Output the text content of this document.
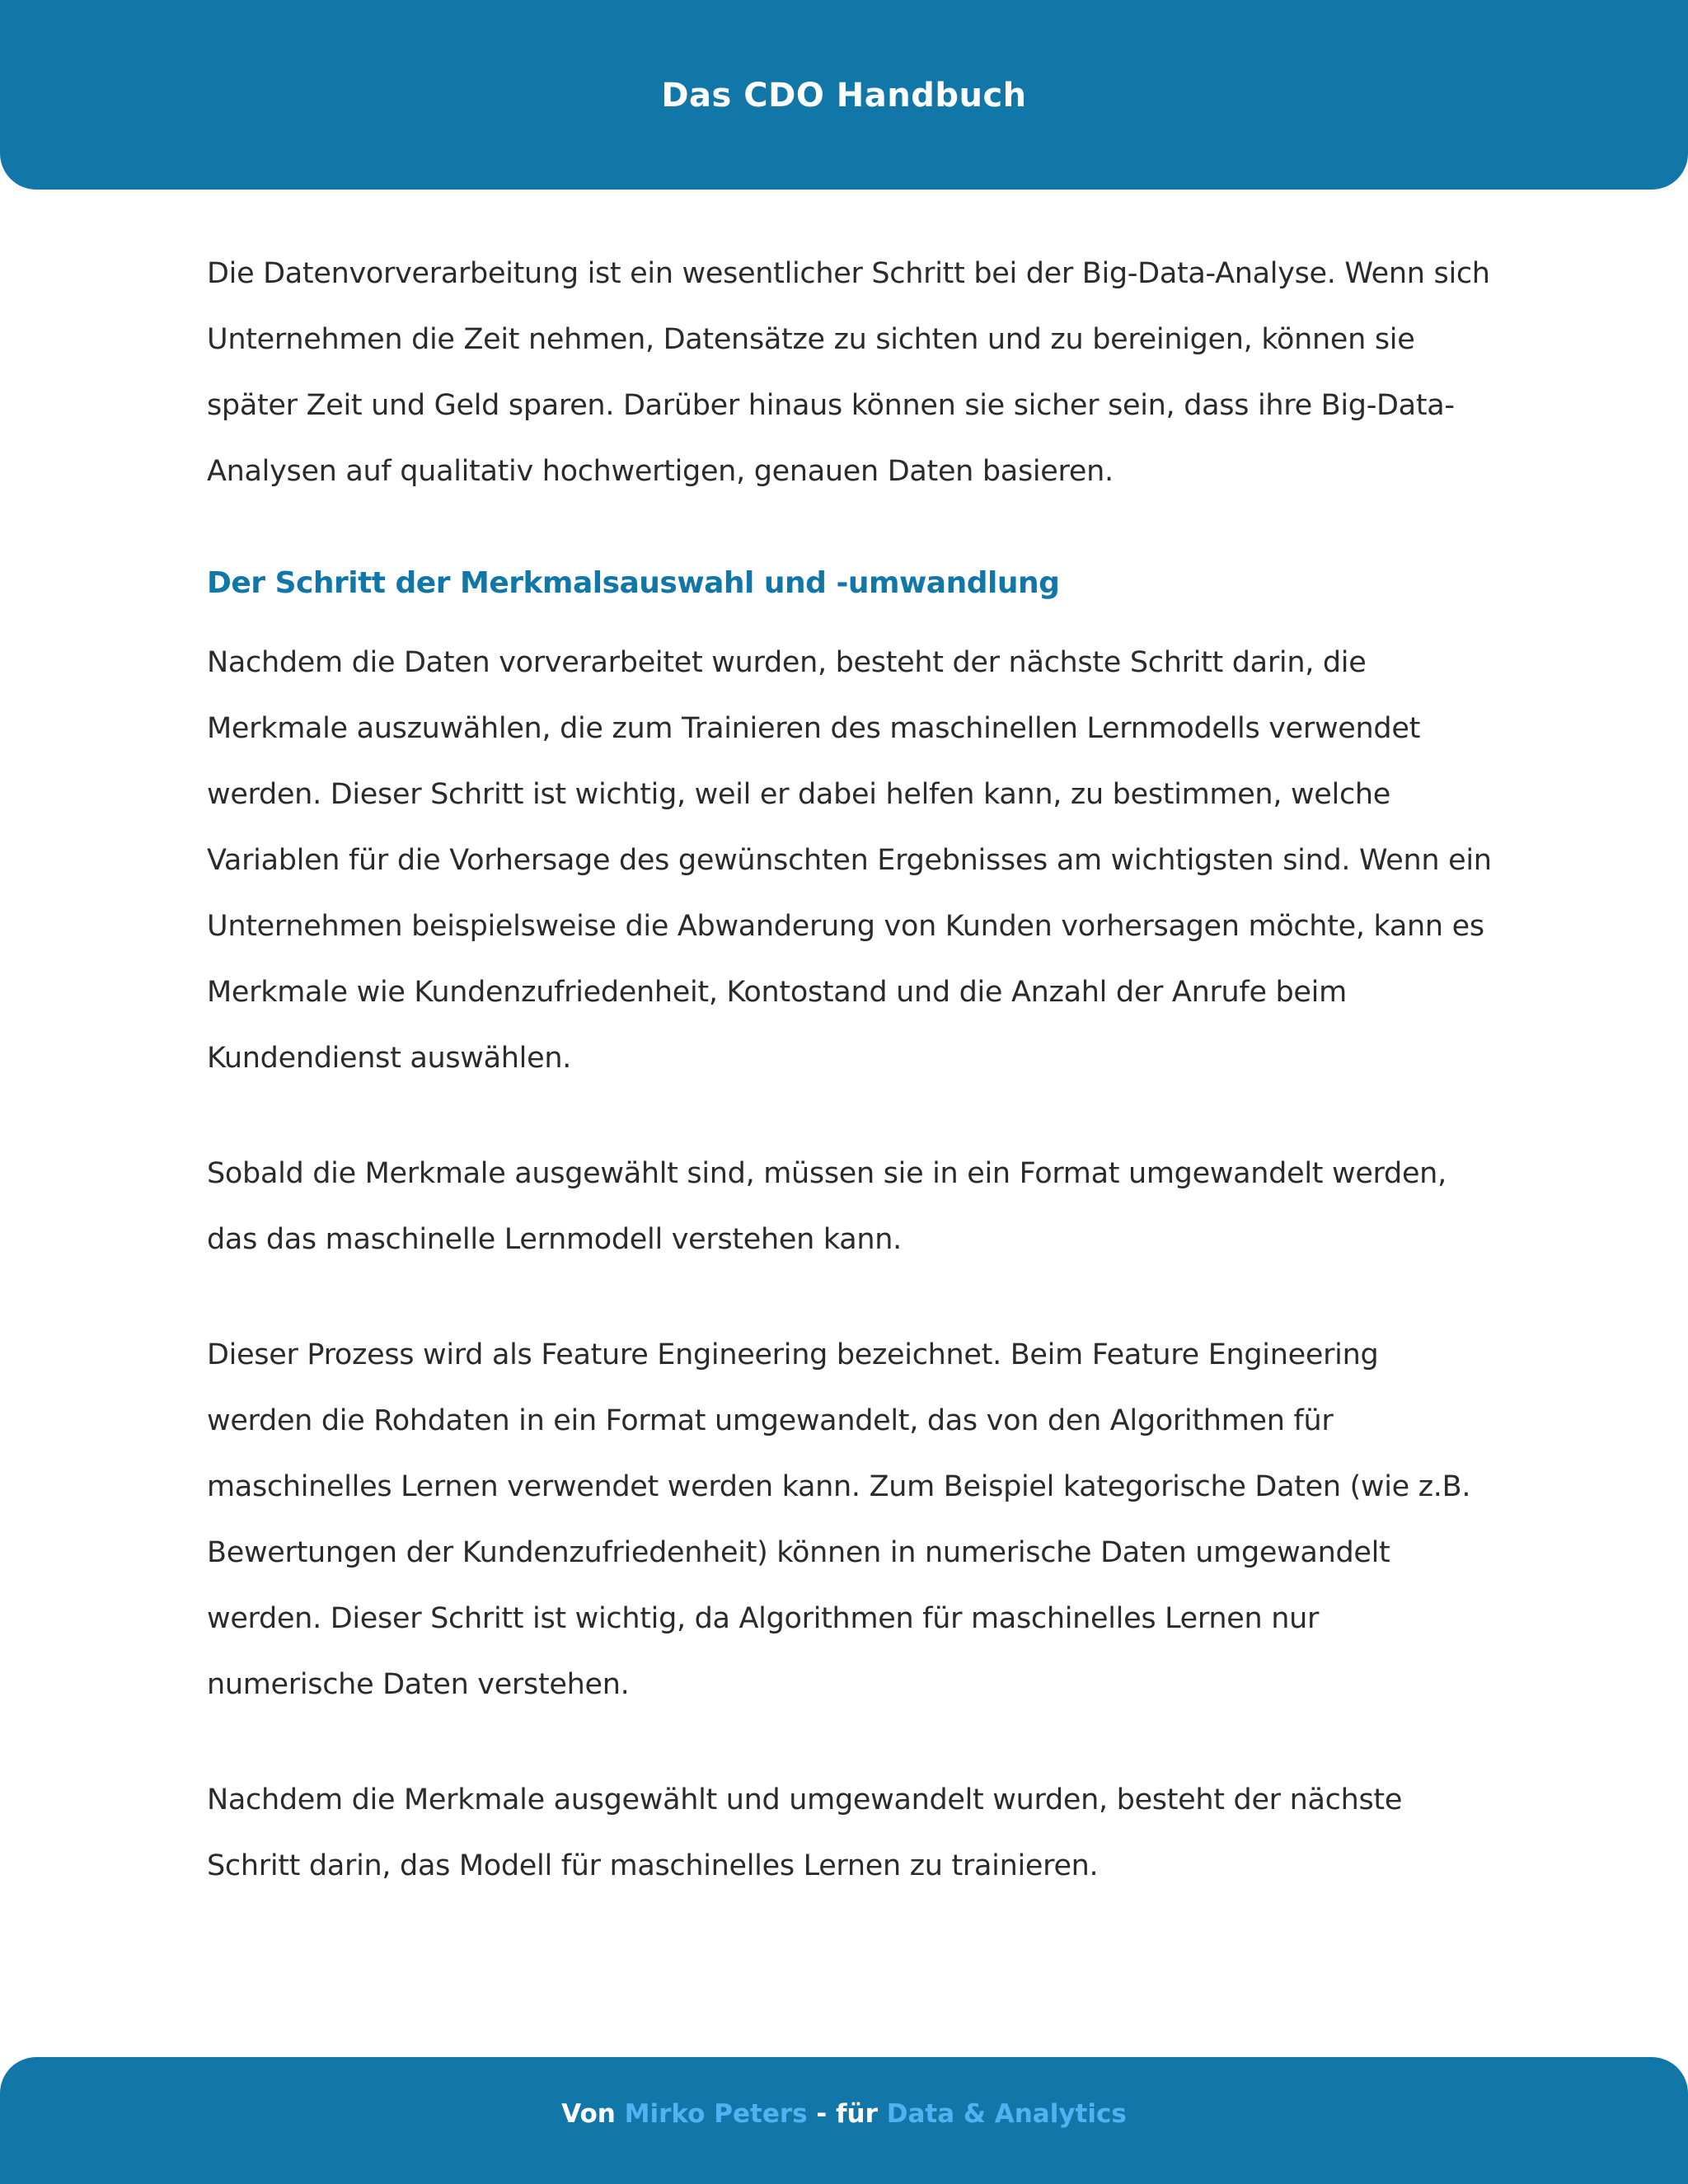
Das CDO Handbuch

Die Datenvorverarbeitung ist ein wesentlicher Schritt bei der Big-Data-Analyse. Wenn sich Unternehmen die Zeit nehmen, Datensätze zu sichten und zu bereinigen, können sie später Zeit und Geld sparen. Darüber hinaus können sie sicher sein, dass ihre Big-Data-Analysen auf qualitativ hochwertigen, genauen Daten basieren.

Der Schritt der Merkmalsauswahl und -umwandlung

Nachdem die Daten vorverarbeitet wurden, besteht der nächste Schritt darin, die Merkmale auszuwählen, die zum Trainieren des maschinellen Lernmodells verwendet werden. Dieser Schritt ist wichtig, weil er dabei helfen kann, zu bestimmen, welche Variablen für die Vorhersage des gewünschten Ergebnisses am wichtigsten sind. Wenn ein Unternehmen beispielsweise die Abwanderung von Kunden vorhersagen möchte, kann es Merkmale wie Kundenzufriedenheit, Kontostand und die Anzahl der Anrufe beim Kundendienst auswählen.

Sobald die Merkmale ausgewählt sind, müssen sie in ein Format umgewandelt werden, das das maschinelle Lernmodell verstehen kann.

Dieser Prozess wird als Feature Engineering bezeichnet. Beim Feature Engineering werden die Rohdaten in ein Format umgewandelt, das von den Algorithmen für maschinelles Lernen verwendet werden kann. Zum Beispiel kategorische Daten (wie z.B. Bewertungen der Kundenzufriedenheit) können in numerische Daten umgewandelt werden. Dieser Schritt ist wichtig, da Algorithmen für maschinelles Lernen nur numerische Daten verstehen.

Nachdem die Merkmale ausgewählt und umgewandelt wurden, besteht der nächste Schritt darin, das Modell für maschinelles Lernen zu trainieren.

Von Mirko Peters - für Data & Analytics
